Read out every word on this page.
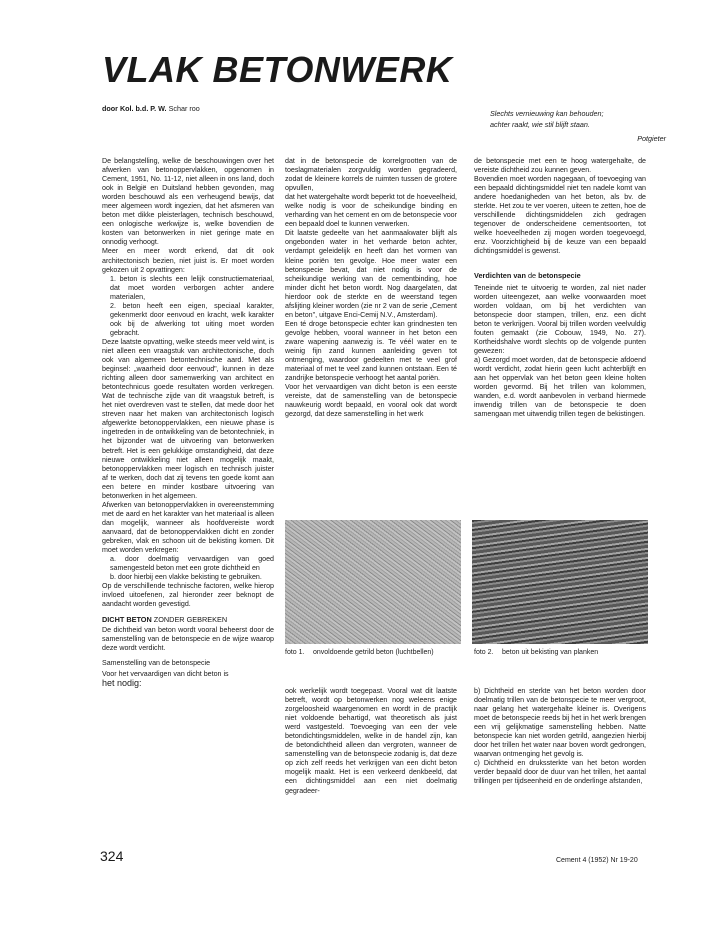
VLAK BETONWERK
door Kol. b.d. P. W. Schar roo
Slechts vernieuwing kan behouden;
achter raakt, wie stil blijft staan.
Potgieter

De belangstelling, welke de beschouwingen over het afwerken van betonoppervlakken, opgenomen in Cement, 1951, No. 11-12, niet alleen in ons land, doch ook in België en Duitsland hebben gevonden, mag worden beschouwd als een verheugend bewijs, dat meer algemeen wordt ingezien, dat het afsmeren van beton met dikke pleisterlagen, technisch beschouwd, een onlogische werkwijze is, welke bovendien de kosten van betonwerken in niet geringe mate en onnodig verhoogt.

Meer en meer wordt erkend, dat dit ook architectonisch bezien, niet juist is. Er moet worden gekozen uit 2 opvattingen:

1. beton is slechts een lelijk constructiemateriaal, dat moet worden verborgen achter andere materialen,

2. beton heeft een eigen, speciaal karakter, gekenmerkt door eenvoud en kracht, welk karakter ook bij de afwerking tot uiting moet worden gebracht.

Deze laatste opvatting, welke steeds meer veld wint, is niet alleen een vraagstuk van architectonische, doch ook van algemeen betontechnische aard. Met als beginsel: „waarheid door eenvoud", kunnen in deze richting alleen door samenwerking van architect en betontechnicus goede resultaten worden verkregen. Wat de technische zijde van dit vraagstuk betreft, is het niet overdreven vast te stellen, dat mede door het streven naar het maken van architectonisch logisch afgewerkte betonoppervlakken, een nieuwe phase is ingetreden in de ontwikkeling van de betontechniek, in het bijzonder wat de uitvoering van betonwerken betreft. Het is een gelukkige omstandigheid, dat deze nieuwe ontwikkeling niet alleen mogelijk maakt, betonoppervlakken meer logisch en technisch juister af te werken, doch dat zij tevens ten goede komt aan een betere en minder kostbare uitvoering van betonwerken in het algemeen.

Afwerken van betonoppervlakken in overeenstemming met de aard en het karakter van het materiaal is alleen dan mogelijk, wanneer als hoofdvereiste wordt aanvaard, dat de betonoppervlakken dicht en zonder gebreken, vlak en schoon uit de bekisting komen. Dit moet worden verkregen:

a. door doelmatig vervaardigen van goed samengesteld beton met een grote dichtheid en

b. door hierbij een vlakke bekisting te gebruiken.

Op de verschillende technische factoren, welke hierop invloed uitoefenen, zal hieronder zeer beknopt de aandacht worden gevestigd.

DICHT BETON ZONDER GEBREKEN

De dichtheid van beton wordt vooral beheerst door de samenstelling van de betonspecie en de wijze waarop deze wordt verdicht.

Samenstelling van de betonspecie

Voor het vervaardigen van dicht beton is
het nodig:

dat in de betonspecie de korrelgrootten van de toeslagmaterialen zorgvuldig worden gegradeerd, zodat de kleinere korrels de ruimten tussen de grotere opvullen,

dat het watergehalte wordt beperkt tot de hoeveelheid, welke nodig is voor de scheikundige binding en verharding van het cement en om de betonspecie voor een bepaald doel te kunnen verwerken.

Dit laatste gedeelte van het aanmaakwater blijft als ongebonden water in het verharde beton achter, verdampt geleidelijk en heeft dan het vormen van kleine poriën ten gevolge. Hoe meer water een betonspecie bevat, dat niet nodig is voor de scheikundige werking van de cementbinding, hoe minder dicht het beton wordt. Nog daargelaten, dat hierdoor ook de sterkte en de weerstand tegen afslijting kleiner worden (zie nr 2 van de serie „Cement en beton", uitgave Enci-Cemij N.V., Amsterdam).

Een té droge betonspecie echter kan grindnesten ten gevolge hebben, vooral wanneer in het beton een zware wapening aanwezig is. Te véél water en te weinig fijn zand kunnen aanleiding geven tot ontmenging, waardoor gedeelten met te veel grof materiaal of met te veel zand kunnen ontstaan. Een té zandrijke betonspecie verhoogt het aantal poriën.

Voor het vervaardigen van dicht beton is een eerste vereiste, dat de samenstelling van de betonspecie nauwkeurig wordt bepaald, en vooral ook dat wordt gezorgd, dat deze samenstelling in het werk

de betonspecie met een te hoog watergehalte, de vereiste dichtheid zou kunnen geven.

Bovendien moet worden nagegaan, of toevoeging van een bepaald dichtingsmiddel niet ten nadele komt van andere hoedanigheden van het beton, als bv. de sterkte. Het zou te ver voeren, uiteen te zetten, hoe de verschillende dichtingsmiddelen zich gedragen tegenover de onderscheidene cementsoorten, tot welke hoeveelheden zij mogen worden toegevoegd, enz. Voorzichtigheid bij de keuze van een bepaald dichtingsmiddel is gewenst.

Verdichten van de betonspecie

Teneinde niet te uitvoerig te worden, zal niet nader worden uiteengezet, aan welke voorwaarden moet worden voldaan, om bij het verdichten van betonspecie door stampen, trillen, enz. een dicht beton te verkrijgen. Vooral bij trillen worden veelvuldig fouten gemaakt (zie Cobouw, 1949, No. 27). Kortheidshalve wordt slechts op de volgende punten gewezen:

a) Gezorgd moet worden, dat de betonspecie afdoend wordt verdicht, zodat hierin geen lucht achterblijft en aan het oppervlak van het beton geen kleine holten worden gevormd. Bij het trillen van kolommen, wanden, e.d. wordt aanbevolen in verband hiermede inwendig trillen van de betonspecie te doen samengaan met uitwendig trillen tegen de bekistingen.

foto 1. onvoldoende getrild beton (luchtbellen)	foto 2. beton uit bekisting van planken

ook werkelijk wordt toegepast. Vooral wat dit laatste betreft, wordt op betonwerken nog weleens enige zorgeloosheid waargenomen en wordt in de practijk niet voldoende behartigd, wat theoretisch als juist werd vastgesteld. Toevoeging van een der vele betondichtingsmiddelen, welke in de handel zijn, kan de betondichtheid alleen dan vergroten, wanneer de samenstelling van de betonspecie zodanig is, dat deze op zich zelf reeds het verkrijgen van een dicht beton mogelijk maakt. Het is een verkeerd denkbeeld, dat een dichtingsmiddel aan een niet doelmatig gegradeer-

b) Dichtheid en sterkte van het beton worden door doelmatig trillen van de betonspecie te meer vergroot, naar gelang het watergehalte kleiner is. Overigens moet de betonspecie reeds bij het in het werk brengen een vrij gelijkmatige samenstelling hebben. Natte betonspecie kan niet worden getrild, aangezien hierbij door het trillen het water naar boven wordt gedrongen, waarvan ontmenging het gevolg is.

c) Dichtheid en drukssterkte van het beton worden verder bepaald door de duur van het trillen, het aantal trillingen per tijdseenheid en de onderlinge afstanden,

324	Cement 4 (1952) Nr 19-20
